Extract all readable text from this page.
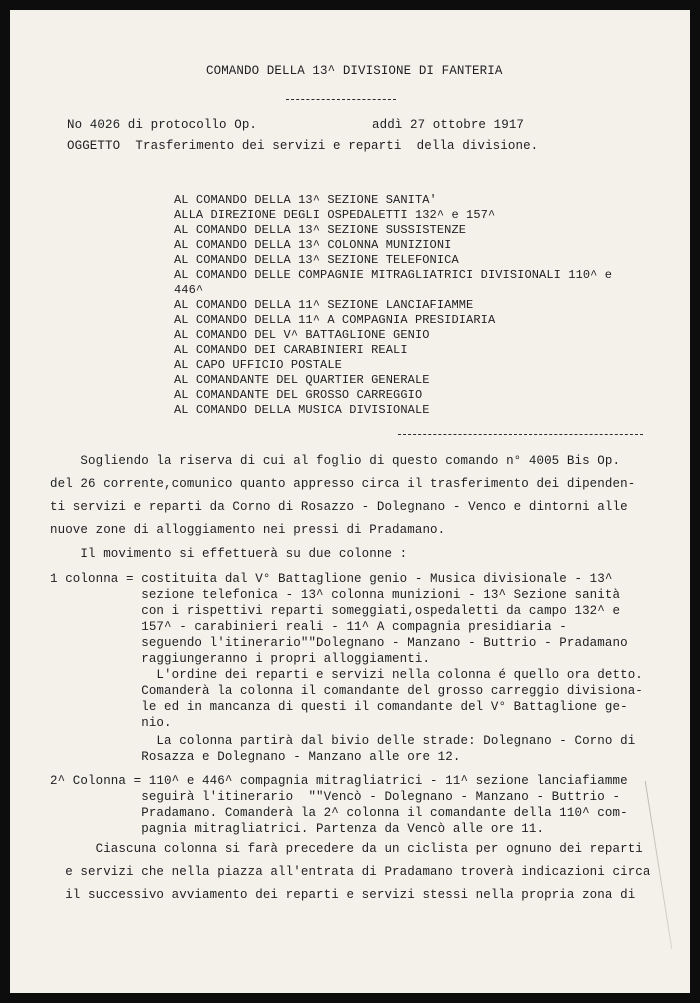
COMANDO DELLA 13^ DIVISIONE DI FANTERIA
No 4026 di protocollo Op.	addì 27 ottobre 1917
OGGETTO  Trasferimento dei servizi e reparti  della divisione.
AL COMANDO DELLA 13^ SEZIONE SANITA'
ALLA DIREZIONE DEGLI OSPEDALETTI 132^ e 157^
AL COMANDO DELLA 13^ SEZIONE SUSSISTENZE
AL COMANDO DELLA 13^ COLONNA MUNIZIONI
AL COMANDO DELLA 13^ SEZIONE TELEFONICA
AL COMANDO DELLE COMPAGNIE MITRAGLIATRICI DIVISIONALI 110^ e
446^
AL COMANDO DELLA 11^ SEZIONE LANCIAFIAMME
AL COMANDO DELLA 11^ A COMPAGNIA PRESIDIARIA
AL COMANDO DEL V^ BATTAGLIONE GENIO
AL COMANDO DEI CARABINIERI REALI
AL CAPO UFFICIO POSTALE
AL COMANDANTE DEL QUARTIER GENERALE
AL COMANDANTE DEL GROSSO CARREGGIO
AL COMANDO DELLA MUSICA DIVISIONALE
Sogliendo la riserva di cui al foglio di questo comando n° 4005 Bis Op.
del 26 corrente,comunico quanto appresso circa il trasferimento dei dipenden-
ti servizi e reparti da Corno di Rosazzo - Dolegnano - Venco e dintorni alle
nuove zone di alloggiamento nei pressi di Pradamano.
Il movimento si effettuerà su due colonne :
1 colonna = costituita dal V° Battaglione genio - Musica divisionale - 13^
sezione telefonica - 13^ colonna munizioni - 13^ Sezione sanità
con i rispettivi reparti someggiati,ospedaletti da campo 132^ e
157^ - carabinieri reali - 11^ A compagnia presidiaria -
seguendo l'itinerario""Dolegnano - Manzano - Buttrio - Pradamano
raggiungeranno i propri alloggiamenti.
L'ordine dei reparti e servizi nella colonna é quello ora detto.
Comanderà la colonna il comandante del grosso carreggio divisiona-
le ed in mancanza di questi il comandante del V° Battaglione ge-
nio.
La colonna partirà dal bivio delle strade: Dolegnano - Corno di
Rosazza e Dolegnano - Manzano alle ore 12.
2^ Colonna = 110^ e 446^ compagnia mitragliatrici - 11^ sezione lanciafiamme
seguirà l'itinerario  ""Vencò - Dolegnano - Manzano - Buttrio -
Pradamano. Comanderà la 2^ colonna il comandante della 110^ com-
pagnia mitragliatrici. Partenza da Vencò alle ore 11.
Ciascuna colonna si farà precedere da un ciclista per ognuno dei reparti
e servizi che nella piazza all'entrata di Pradamano troverà indicazioni circa
il successivo avviamento dei reparti e servizi stessi nella propria zona di
